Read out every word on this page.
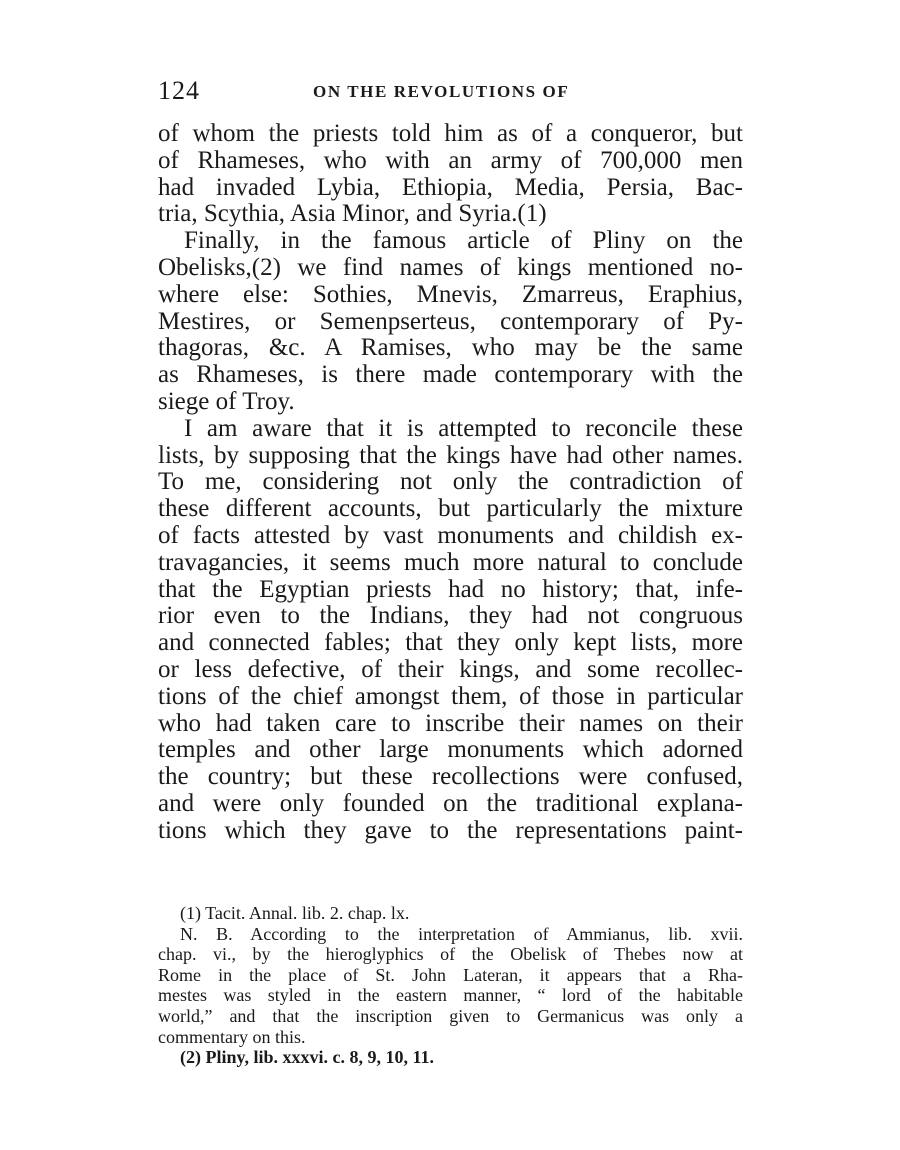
124	ON THE REVOLUTIONS OF
of whom the priests told him as of a conqueror, but
of Rhameses, who with an army of 700,000 men
had invaded Lybia, Ethiopia, Media, Persia, Bac-
tria, Scythia, Asia Minor, and Syria.(1)
Finally, in the famous article of Pliny on the
Obelisks,(2) we find names of kings mentioned no-
where else: Sothies, Mnevis, Zmarreus, Eraphius,
Mestires, or Semenpserteus, contemporary of Py-
thagoras, &c. A Ramises, who may be the same
as Rhameses, is there made contemporary with the
siege of Troy.
I am aware that it is attempted to reconcile these
lists, by supposing that the kings have had other names.
To me, considering not only the contradiction of
these different accounts, but particularly the mixture
of facts attested by vast monuments and childish ex-
travagancies, it seems much more natural to conclude
that the Egyptian priests had no history; that, infe-
rior even to the Indians, they had not congruous
and connected fables; that they only kept lists, more
or less defective, of their kings, and some recollec-
tions of the chief amongst them, of those in particular
who had taken care to inscribe their names on their
temples and other large monuments which adorned
the country; but these recollections were confused,
and were only founded on the traditional explana-
tions which they gave to the representations paint-
(1) Tacit. Annal. lib. 2. chap. lx.
N. B. According to the interpretation of Ammianus, lib. xvii.
chap. vi., by the hieroglyphics of the Obelisk of Thebes now at
Rome in the place of St. John Lateran, it appears that a Rha-
mestes was styled in the eastern manner, “ lord of the habitable
world,” and that the inscription given to Germanicus was only a
commentary on this.
(2) Pliny, lib. xxxvi. c. 8, 9, 10, 11.
